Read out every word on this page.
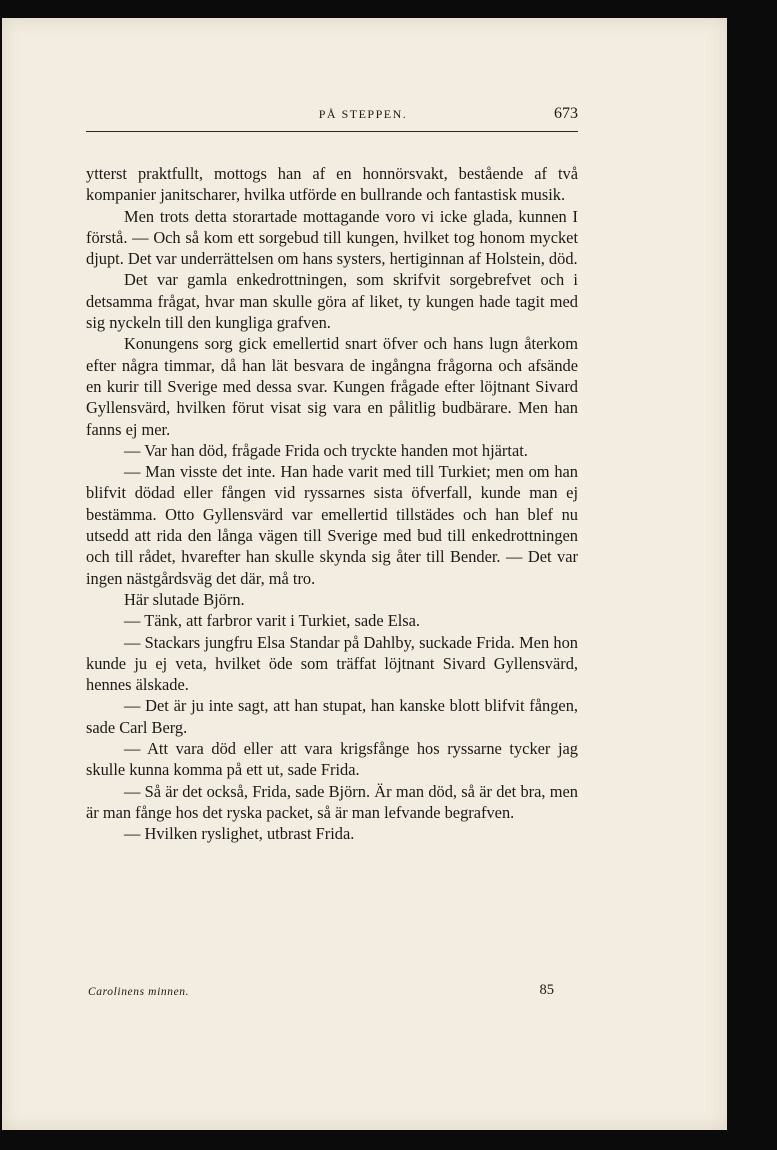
PÅ STEPPEN.	673

ytterst praktfullt, mottogs han af en honnörsvakt, bestående af två kompanier janitscharer, hvilka utförde en bullrande och fantastisk musik.

Men trots detta storartade mottagande voro vi icke glada, kunnen I förstå. — Och så kom ett sorgebud till kungen, hvilket tog honom mycket djupt. Det var underrättelsen om hans systers, hertiginnan af Holstein, död.

Det var gamla enkedrottningen, som skrifvit sorgebrefvet och i detsamma frågat, hvar man skulle göra af liket, ty kungen hade tagit med sig nyckeln till den kungliga grafven.

Konungens sorg gick emellertid snart öfver och hans lugn återkom efter några timmar, då han lät besvara de ingångna frågorna och afsände en kurir till Sverige med dessa svar. Kungen frågade efter löjtnant Sivard Gyllensvärd, hvilken förut visat sig vara en pålitlig budbärare. Men han fanns ej mer.

— Var han död, frågade Frida och tryckte handen mot hjärtat.

— Man visste det inte. Han hade varit med till Turkiet; men om han blifvit dödad eller fången vid ryssarnes sista öfverfall, kunde man ej bestämma. Otto Gyllensvärd var emellertid tillstädes och han blef nu utsedd att rida den långa vägen till Sverige med bud till enkedrottningen och till rådet, hvarefter han skulle skynda sig åter till Bender. — Det var ingen nästgårdsväg det där, må tro.

Här slutade Björn.

— Tänk, att farbror varit i Turkiet, sade Elsa.

— Stackars jungfru Elsa Standar på Dahlby, suckade Frida. Men hon kunde ju ej veta, hvilket öde som träffat löjtnant Sivard Gyllensvärd, hennes älskade.

— Det är ju inte sagt, att han stupat, han kanske blott blifvit fången, sade Carl Berg.

— Att vara död eller att vara krigsfånge hos ryssarne tycker jag skulle kunna komma på ett ut, sade Frida.

— Så är det också, Frida, sade Björn. Är man död, så är det bra, men är man fånge hos det ryska packet, så är man lefvande begrafven.

— Hvilken ryslighet, utbrast Frida.

Carolinens minnen.	85
